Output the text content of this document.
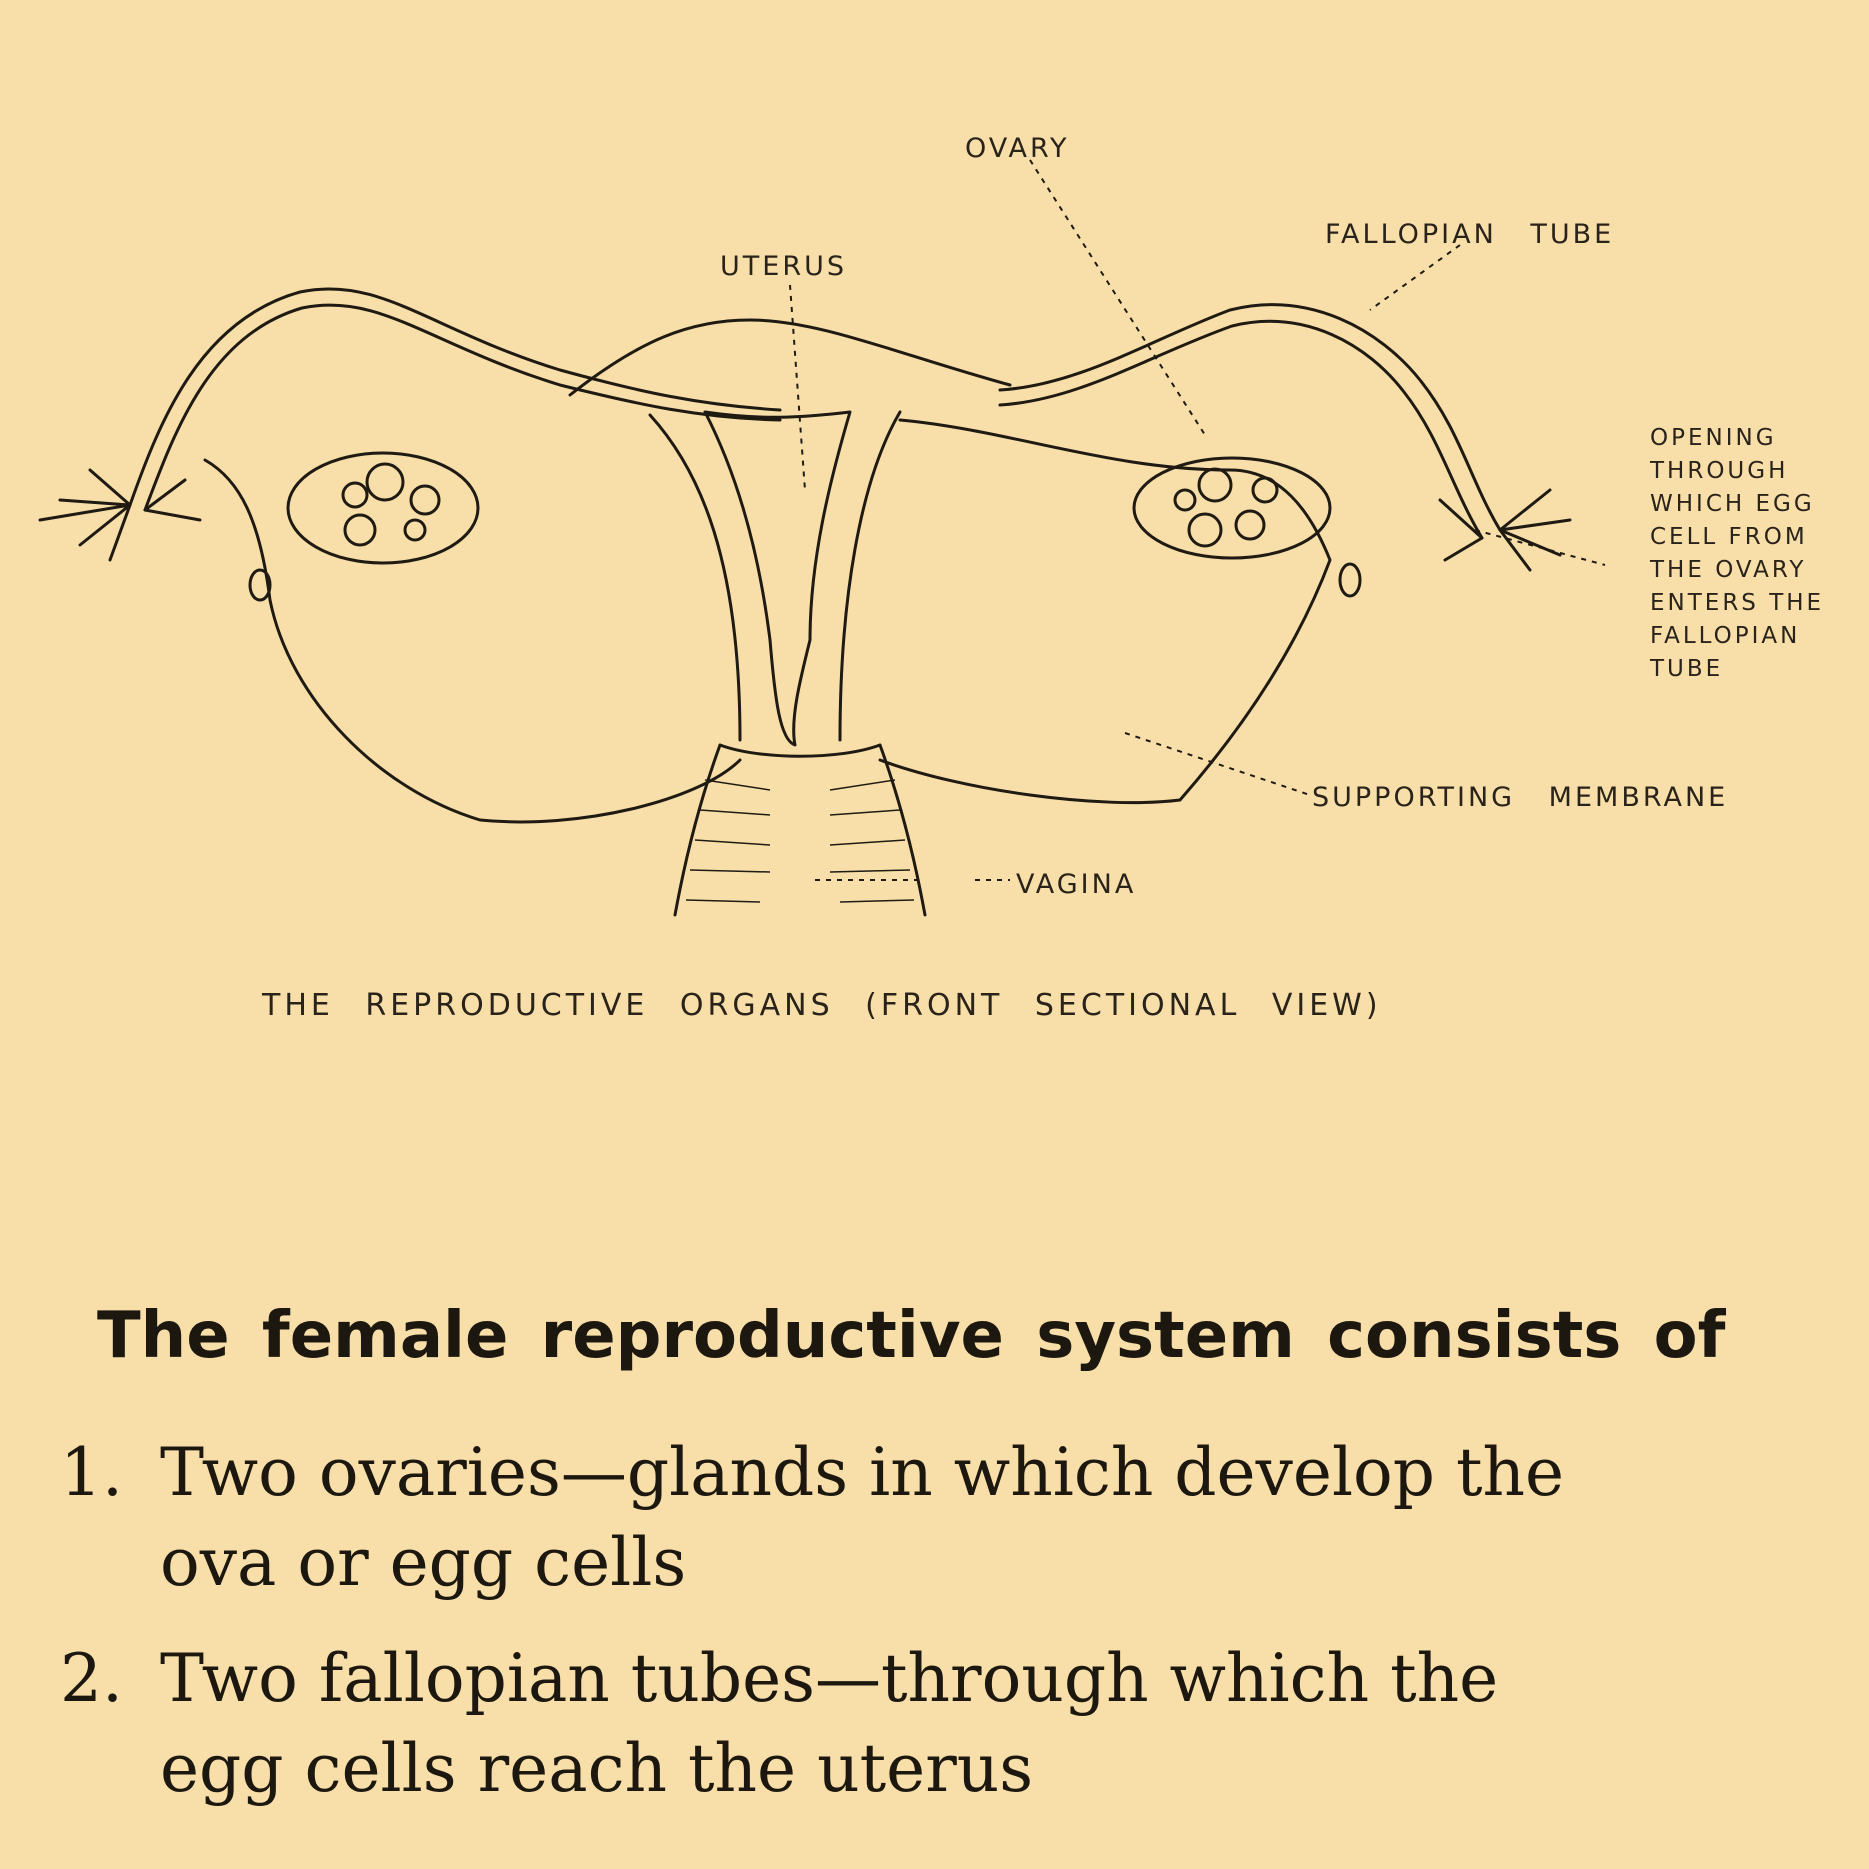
OVARY
FALLOPIAN TUBE
UTERUS
OPENING
THROUGH
WHICH EGG
CELL FROM
THE OVARY
ENTERS THE
FALLOPIAN
TUBE
SUPPORTING MEMBRANE
VAGINA
THE REPRODUCTIVE ORGANS (FRONT SECTIONAL VIEW)
The female reproductive system consists of
1. Two ovaries—glands in which develop the ova or egg cells
2. Two fallopian tubes—through which the egg cells reach the uterus
